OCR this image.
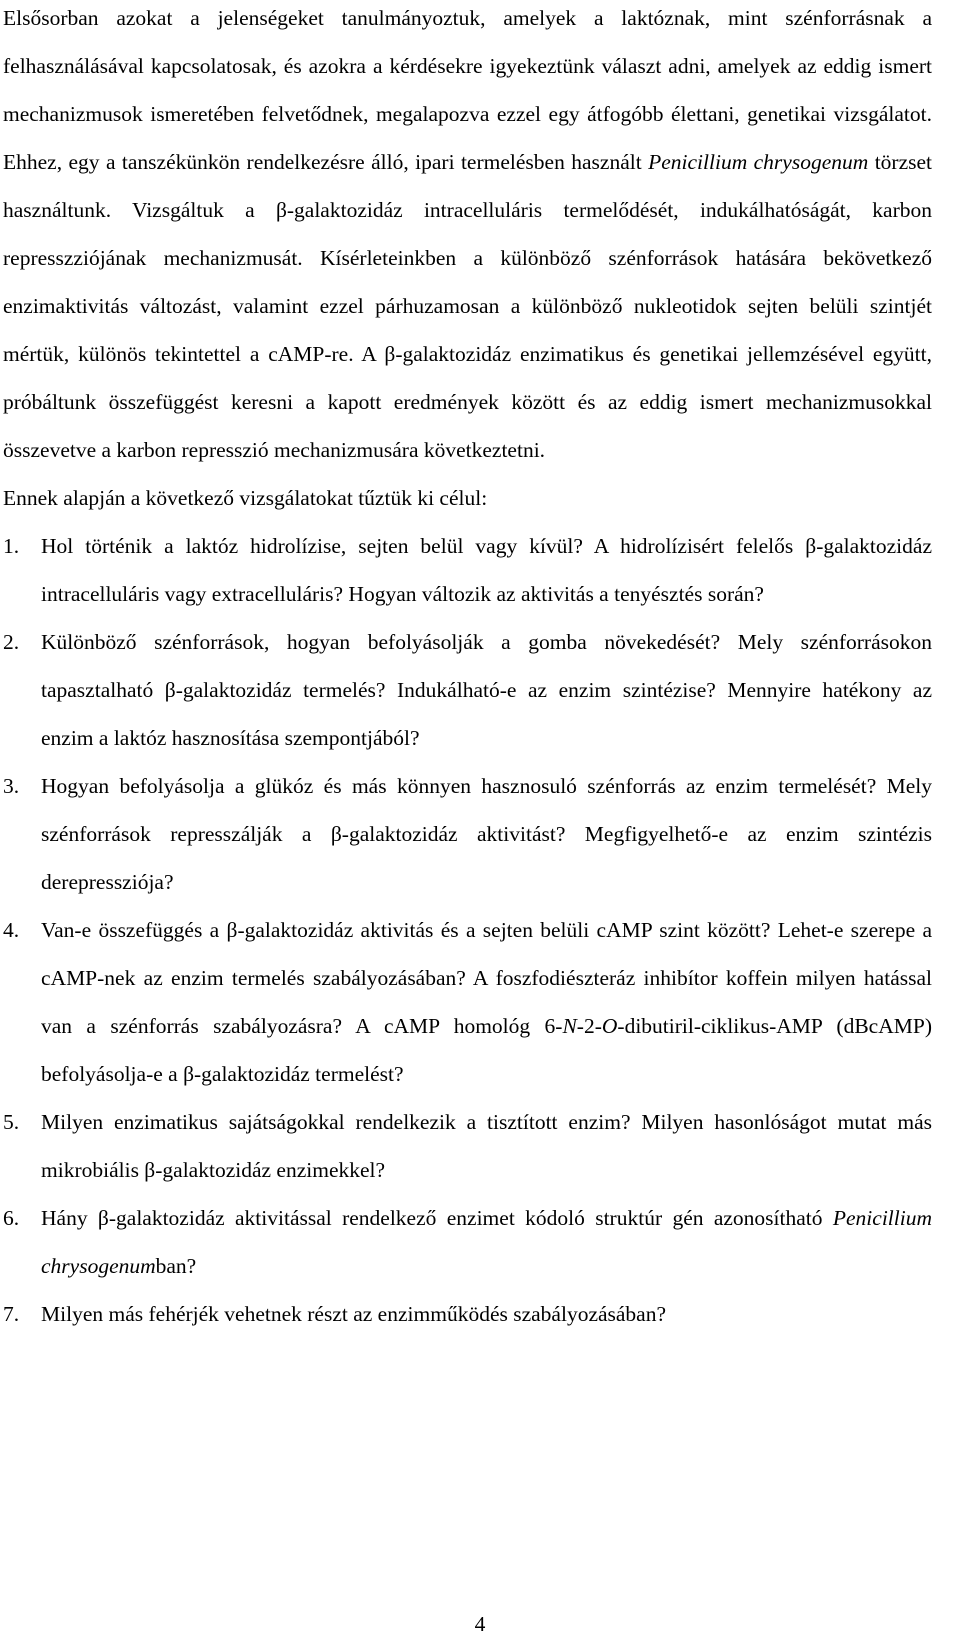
Elsősorban azokat a jelenségeket tanulmányoztuk, amelyek a laktóznak, mint szénforrásnak a felhasználásával kapcsolatosak, és azokra a kérdésekre igyekeztünk választ adni, amelyek az eddig ismert mechanizmusok ismeretében felvetődnek, megalapozva ezzel egy átfogóbb élettani, genetikai vizsgálatot. Ehhez, egy a tanszékünkön rendelkezésre álló, ipari termelésben használt Penicillium chrysogenum törzset használtunk. Vizsgáltuk a β-galaktozidáz intracelluláris termelődését, indukálhatóságát, karbon represszziójának mechanizmusát. Kísérleteinkben a különböző szénforrások hatására bekövetkező enzimaktivitás változást, valamint ezzel párhuzamosan a különböző nukleotidok sejten belüli szintjét mértük, különös tekintettel a cAMP-re. A β-galaktozidáz enzimatikus és genetikai jellemzésével együtt, próbáltunk összefüggést keresni a kapott eredmények között és az eddig ismert mechanizmusokkal összevetve a karbon represszió mechanizmusára következtetni.

Ennek alapján a következő vizsgálatokat tűztük ki célul:

1. Hol történik a laktóz hidrolízise, sejten belül vagy kívül? A hidrolízisért felelős β-galaktozidáz intracelluláris vagy extracelluláris? Hogyan változik az aktivitás a tenyésztés során?
2. Különböző szénforrások, hogyan befolyásolják a gomba növekedését? Mely szénforrásokon tapasztalható β-galaktozidáz termelés? Indukálható-e az enzim szintézise? Mennyire hatékony az enzim a laktóz hasznosítása szempontjából?
3. Hogyan befolyásolja a glükóz és más könnyen hasznosuló szénforrás az enzim termelését? Mely szénforrások represszálják a β-galaktozidáz aktivitást? Megfigyelhető-e az enzim szintézis derepressziója?
4. Van-e összefüggés a β-galaktozidáz aktivitás és a sejten belüli cAMP szint között? Lehet-e szerepe a cAMP-nek az enzim termelés szabályozásában? A foszfodiészteráz inhibítor koffein milyen hatással van a szénforrás szabályozásra? A cAMP homológ 6-N-2-O-dibutiril-ciklikus-AMP (dBcAMP) befolyásolja-e a β-galaktozidáz termelést?
5. Milyen enzimatikus sajátságokkal rendelkezik a tisztított enzim? Milyen hasonlóságot mutat más mikrobiális β-galaktozidáz enzimekkel?
6. Hány β-galaktozidáz aktivitással rendelkező enzimet kódoló struktúr gén azonosítható Penicillium chrysogenumban?
7. Milyen más fehérjék vehetnek részt az enzimműködés szabályozásában?
4
